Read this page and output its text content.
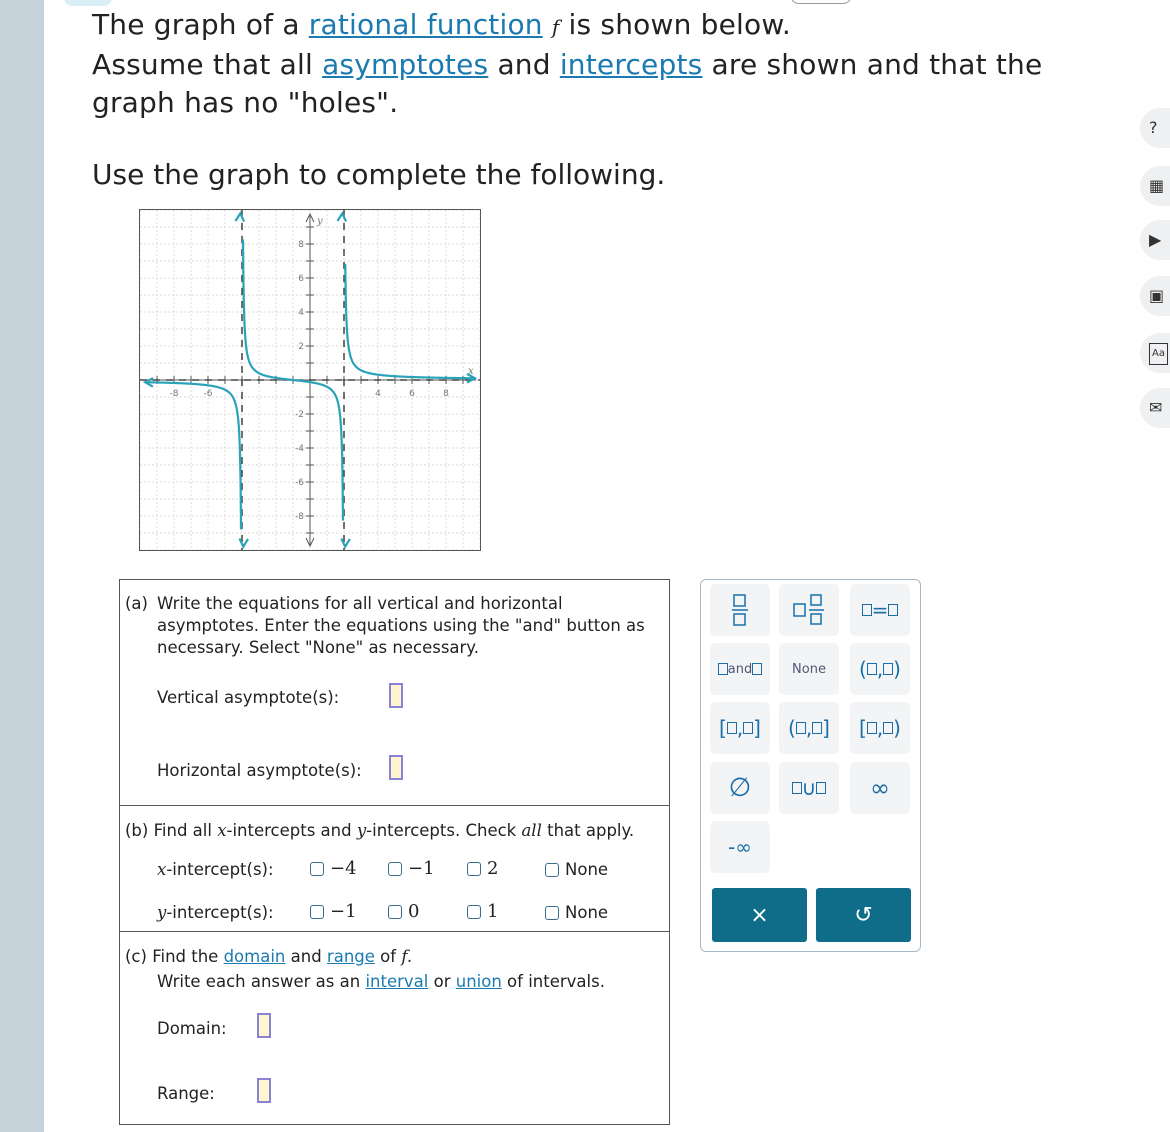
The graph of a rational function f is shown below.
Assume that all asymptotes and intercepts are shown and that the
graph has no "holes".
Use the graph to complete the following.
-8	-6	4	6	8
8
6
4
2
-2
-4
-6
-8
x
y
(a) Write the equations for all vertical and horizontal
asymptotes. Enter the equations using the "and" button as
necessary. Select "None" as necessary.
Vertical asymptote(s):
Horizontal asymptote(s):
(b) Find all x-intercepts and y-intercepts. Check all that apply.
x-intercept(s):	−4	−1	2	None
y-intercept(s):	−1	0	1	None
(c) Find the domain and range of f.
Write each answer as an interval or union of intervals.
Domain:
Range:
=
and	None ( , )
[ , ] ( , ] [ , )
∅	∪ ∞
-∞
×	↺
?
▦
▶
▣
Aa
✉
